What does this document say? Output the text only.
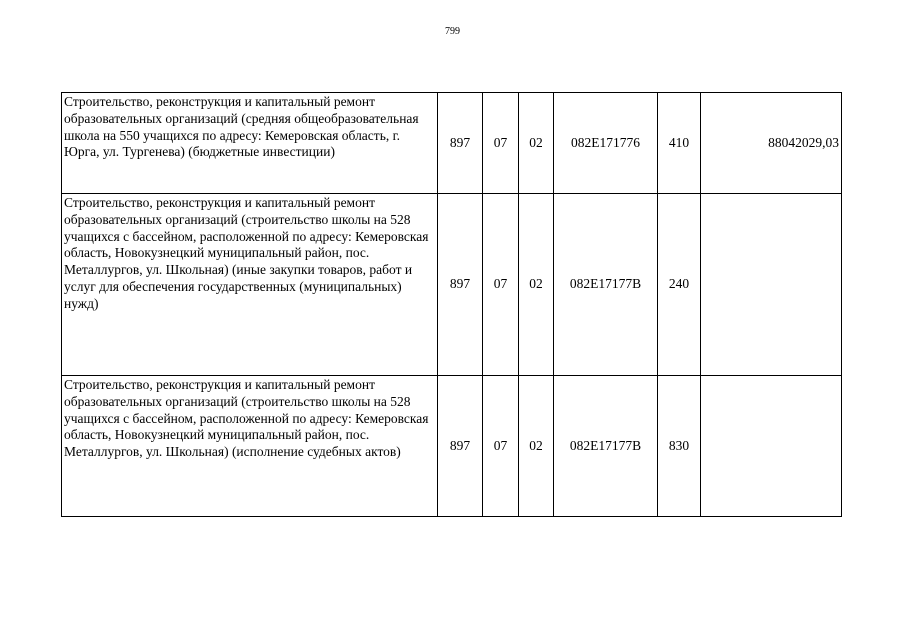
799
Строительство, реконструкция и капитальный ремонт образовательных организаций (средняя общеобразовательная школа на 550 учащихся по адресу: Кемеровская область, г. Юрга, ул. Тургенева) (бюджетные инвестиции)	897	07	02	082E171776	410	88042029,03
Строительство, реконструкция и капитальный ремонт образовательных организаций (строительство школы на 528 учащихся с бассейном, расположенной по адресу: Кемеровская область, Новокузнецкий муниципальный район, пос. Металлургов, ул. Школьная) (иные закупки товаров, работ и услуг для обеспечения государственных (муниципальных) нужд)	897	07	02	082E17177В	240	
Строительство, реконструкция и капитальный ремонт образовательных организаций (строительство школы на 528 учащихся с бассейном, расположенной по адресу: Кемеровская область, Новокузнецкий муниципальный район, пос. Металлургов, ул. Школьная) (исполнение судебных актов)	897	07	02	082E17177В	830	
